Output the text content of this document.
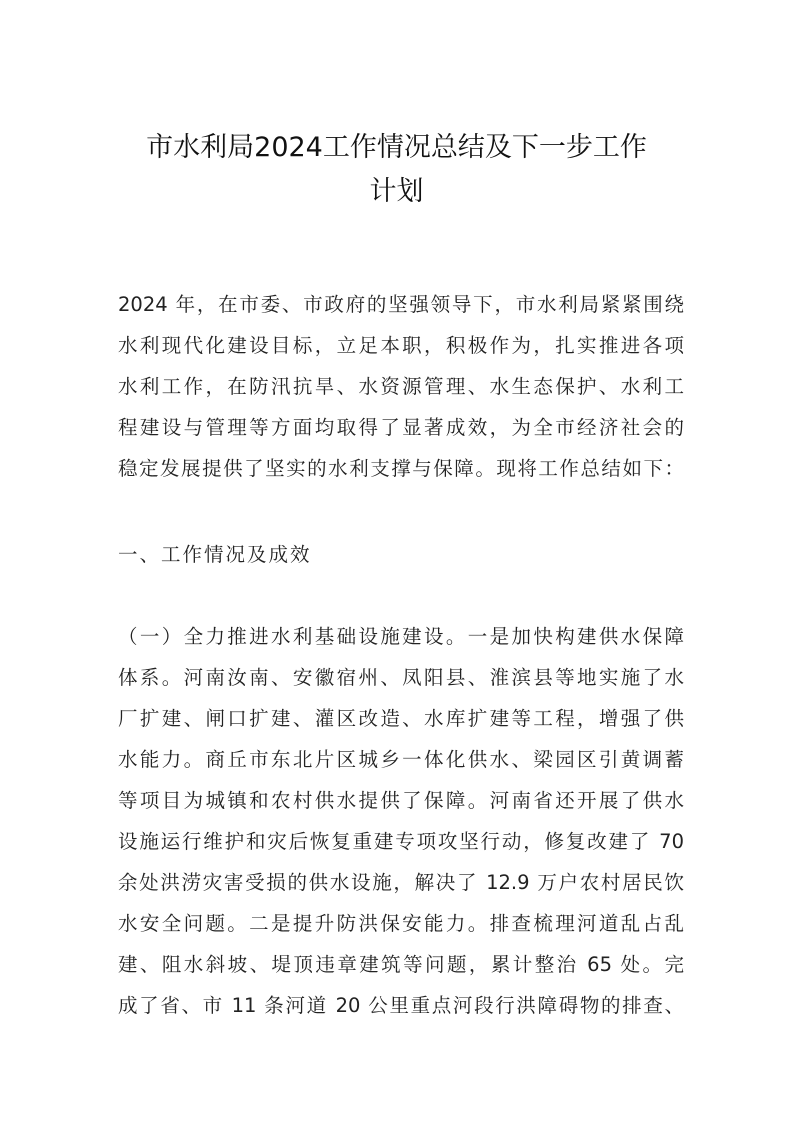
市水利局2024工作情况总结及下一步工作
计划
2024 年，在市委、市政府的坚强领导下，市水利局紧紧围绕
水利现代化建设目标，立足本职，积极作为，扎实推进各项
水利工作，在防汛抗旱、水资源管理、水生态保护、水利工
程建设与管理等方面均取得了显著成效，为全市经济社会的
稳定发展提供了坚实的水利支撑与保障。现将工作总结如下：
一、工作情况及成效
（一）全力推进水利基础设施建设。一是加快构建供水保障
体系。河南汝南、安徽宿州、凤阳县、淮滨县等地实施了水
厂扩建、闸口扩建、灌区改造、水库扩建等工程，增强了供
水能力。商丘市东北片区城乡一体化供水、梁园区引黄调蓄
等项目为城镇和农村供水提供了保障。河南省还开展了供水
设施运行维护和灾后恢复重建专项攻坚行动，修复改建了 70
余处洪涝灾害受损的供水设施，解决了 12.9 万户农村居民饮
水安全问题。二是提升防洪保安能力。排查梳理河道乱占乱
建、阻水斜坡、堤顶违章建筑等问题，累计整治 65 处。完
成了省、市 11 条河道 20 公里重点河段行洪障碍物的排查、
